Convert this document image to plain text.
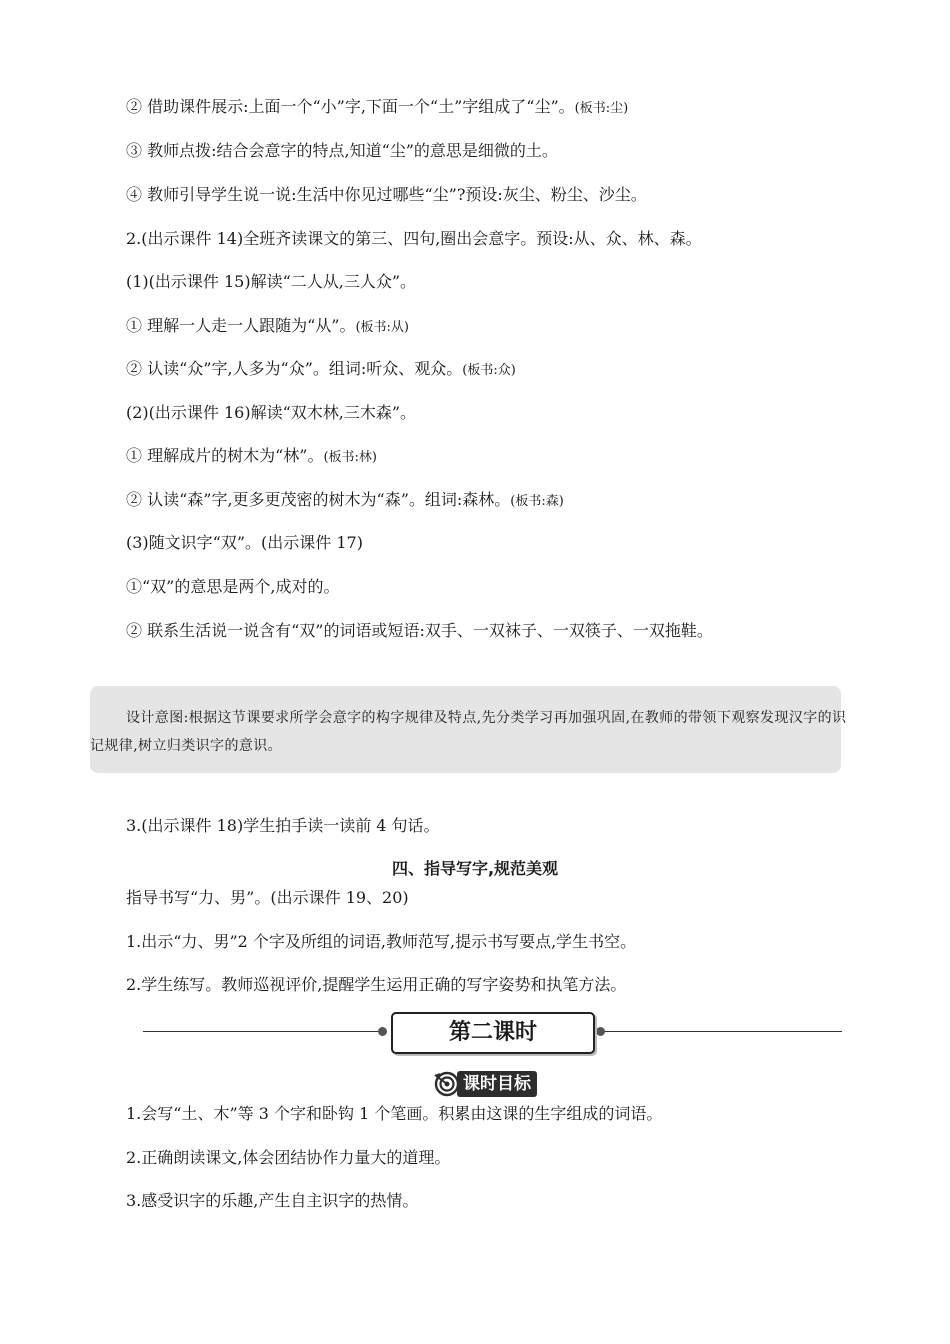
② 借助课件展示:上面一个“小”字,下面一个“土”字组成了“尘”。(板书:尘)
③ 教师点拨:结合会意字的特点,知道“尘”的意思是细微的土。
④ 教师引导学生说一说:生活中你见过哪些“尘”?预设:灰尘、粉尘、沙尘。
2.(出示课件 14)全班齐读课文的第三、四句,圈出会意字。预设:从、众、林、森。
(1)(出示课件 15)解读“二人从,三人众”。
① 理解一人走一人跟随为“从”。(板书:从)
② 认读“众”字,人多为“众”。组词:听众、观众。(板书:众)
(2)(出示课件 16)解读“双木林,三木森”。
① 理解成片的树木为“林”。(板书:林)
② 认读“森”字,更多更茂密的树木为“森”。组词:森林。(板书:森)
(3)随文识字“双”。(出示课件 17)
①“双”的意思是两个,成对的。
② 联系生活说一说含有“双”的词语或短语:双手、一双袜子、一双筷子、一双拖鞋。
设计意图:根据这节课要求所学会意字的构字规律及特点,先分类学习再加强巩固,在教师的带领下观察发现汉字的识记规律,树立归类识字的意识。
3.(出示课件 18)学生拍手读一读前 4 句话。
四、指导写字,规范美观
指导书写“力、男”。(出示课件 19、20)
1.出示“力、男”2 个字及所组的词语,教师范写,提示书写要点,学生书空。
2.学生练写。教师巡视评价,提醒学生运用正确的写字姿势和执笔方法。
第二课时
课时目标
1.会写“土、木”等 3 个字和卧钩 1 个笔画。积累由这课的生字组成的词语。
2.正确朗读课文,体会团结协作力量大的道理。
3.感受识字的乐趣,产生自主识字的热情。
